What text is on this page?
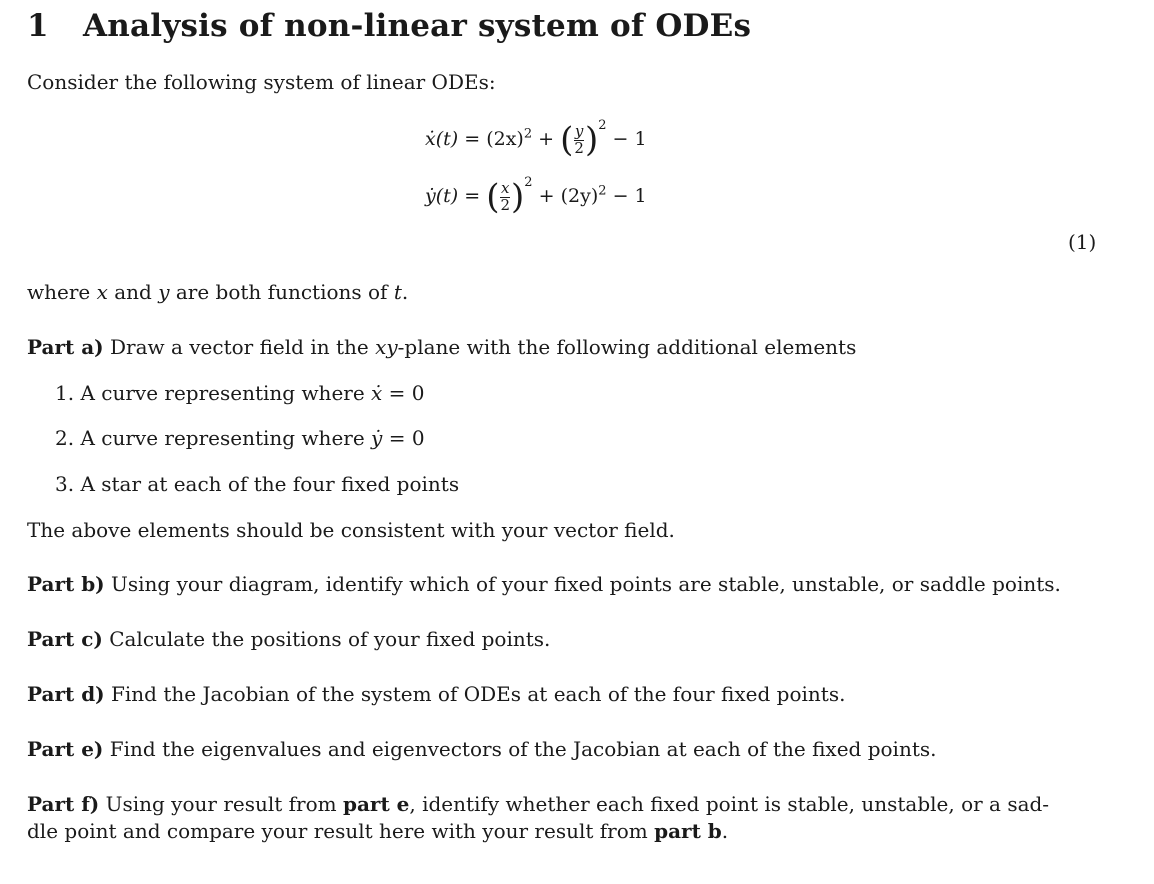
1 Analysis of non-linear system of ODEs
Consider the following system of linear ODEs:
ẋ(t) = $(2x)^2$ + ( $\frac{y}{2} )^2 - 1$
ẏ(t) = ( $\frac{x}{2} )^2 + (2y)^2 - 1$
(1)
where x and y are both functions of t.
Part a) Draw a vector field in the xy-plane with the following additional elements
1. A curve representing where ẋ = 0
2. A curve representing where ẏ = 0
3. A star at each of the four fixed points
The above elements should be consistent with your vector field.
Part b) Using your diagram, identify which of your fixed points are stable, unstable, or saddle points.
Part c) Calculate the positions of your fixed points.
Part d) Find the Jacobian of the system of ODEs at each of the four fixed points.
Part e) Find the eigenvalues and eigenvectors of the Jacobian at each of the fixed points.
Part f) Using your result from part e, identify whether each fixed point is stable, unstable, or a sad-
dle point and compare your result here with your result from part b.
